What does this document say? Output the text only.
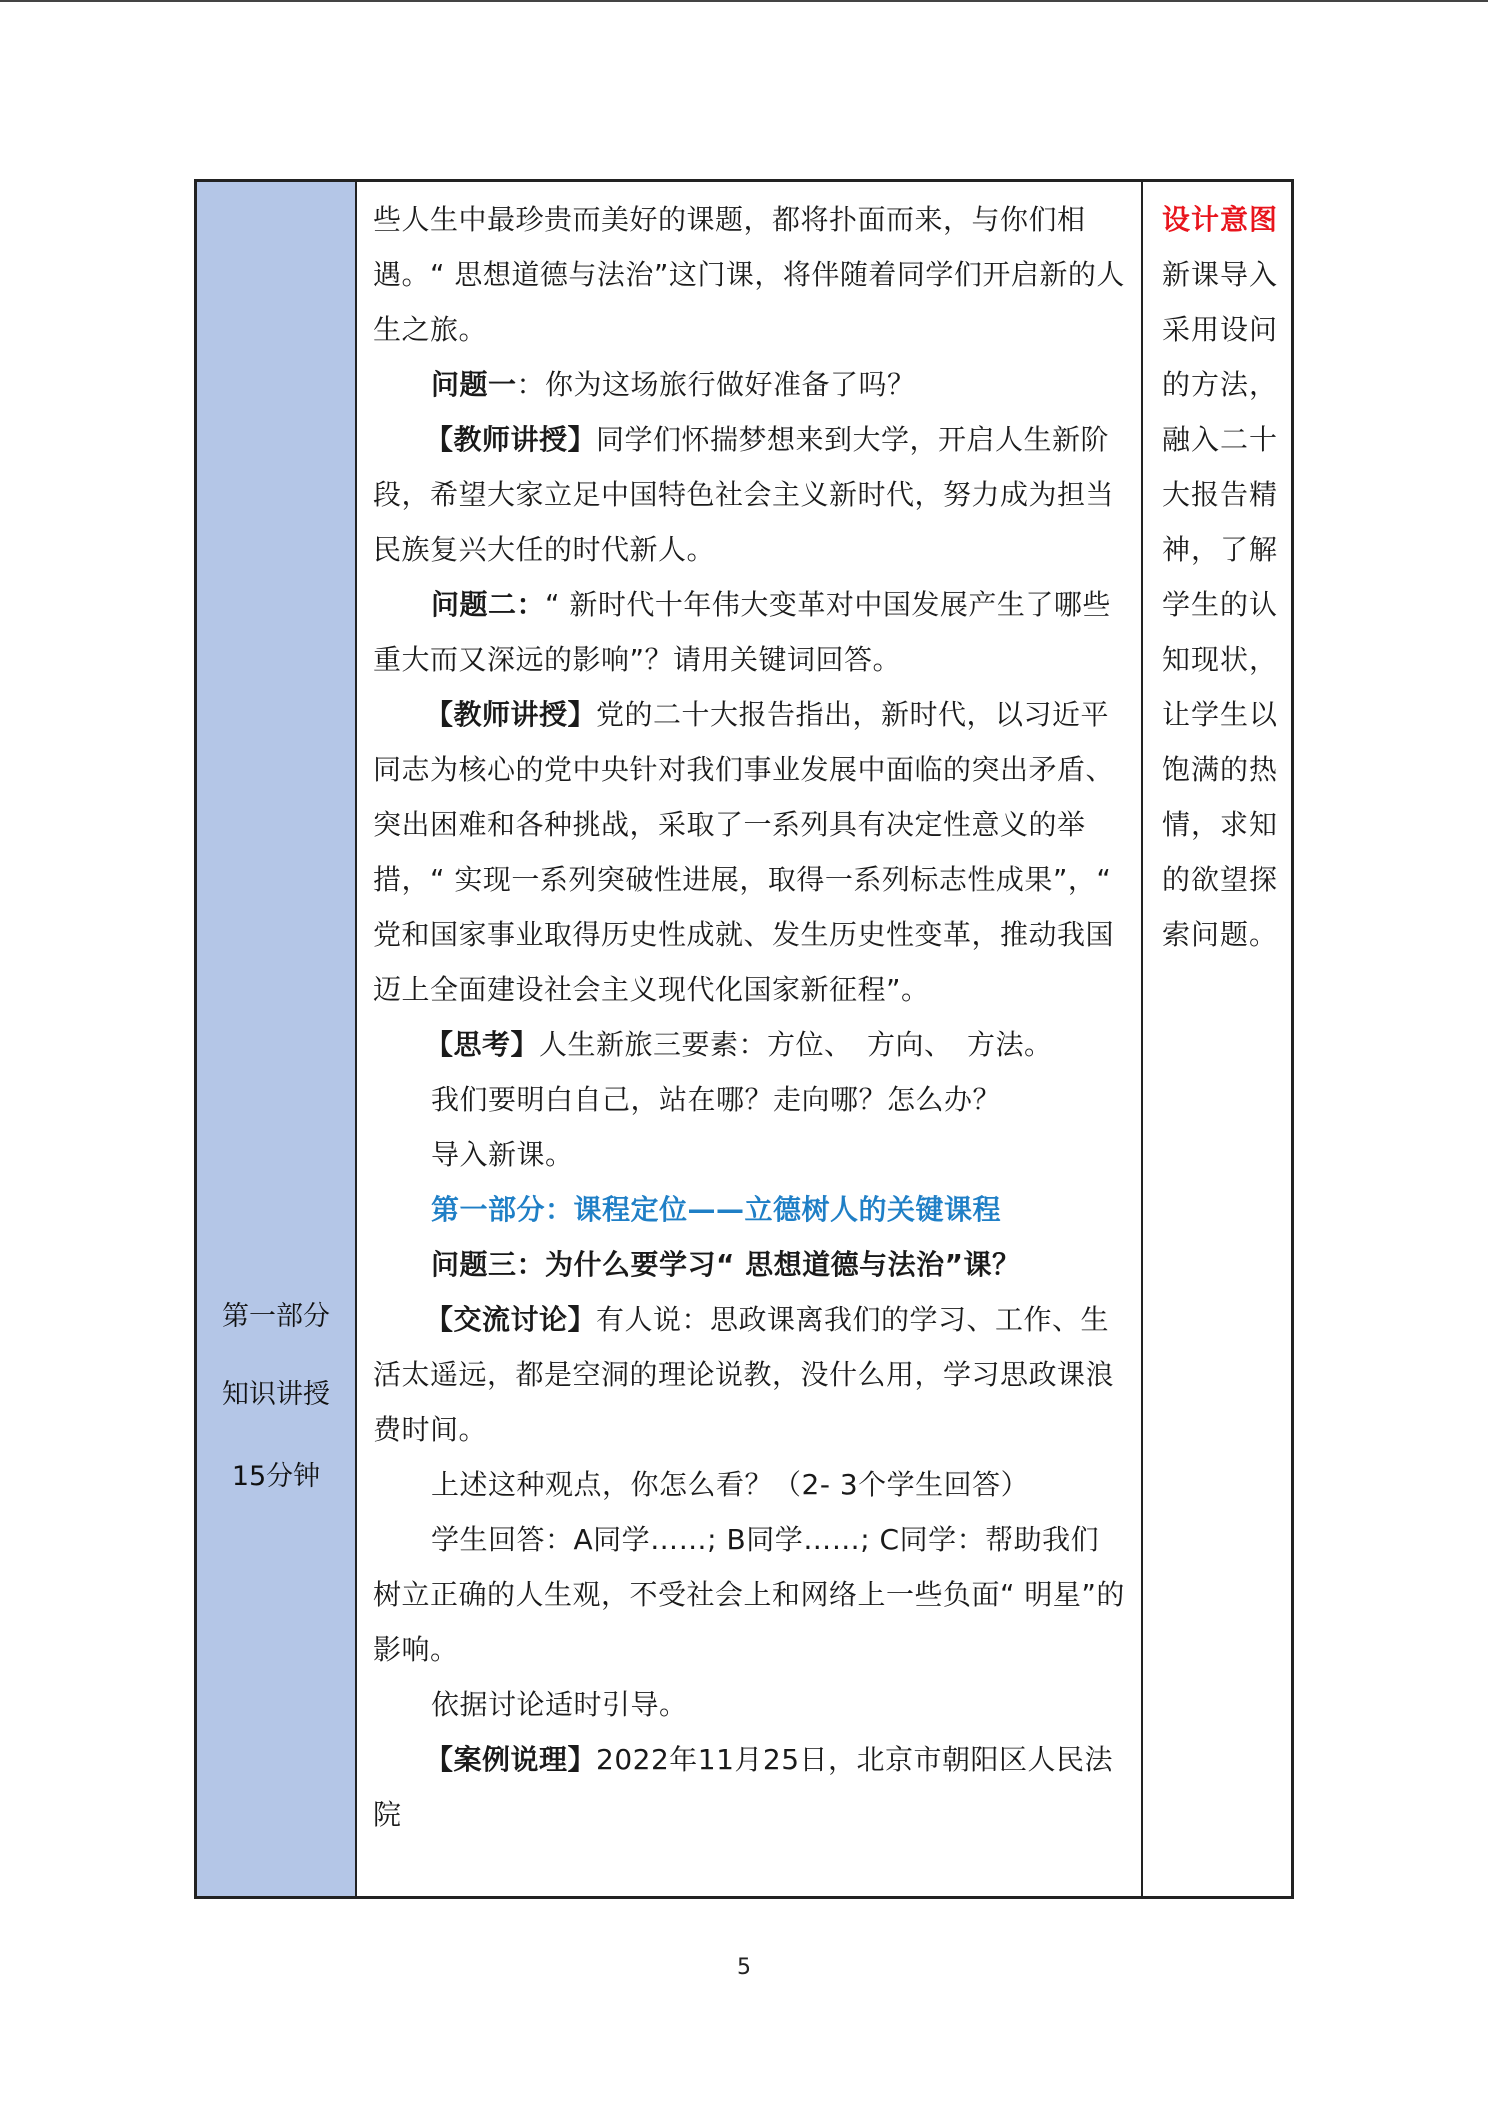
第一部分
知识讲授
15分钟

些人生中最珍贵而美好的课题，都将扑面而来，与你们相遇。“ 思想道德与法治”这门课，将伴随着同学们开启新的人生之旅。

问题一：你为这场旅行做好准备了吗？

【教师讲授】同学们怀揣梦想来到大学，开启人生新阶段，希望大家立足中国特色社会主义新时代，努力成为担当民族复兴大任的时代新人。

问题二：“ 新时代十年伟大变革对中国发展产生了哪些重大而又深远的影响”？请用关键词回答。

【教师讲授】党的二十大报告指出，新时代，以习近平同志为核心的党中央针对我们事业发展中面临的突出矛盾、突出困难和各种挑战，采取了一系列具有决定性意义的举措，“ 实现一系列突破性进展，取得一系列标志性成果”，“ 党和国家事业取得历史性成就、发生历史性变革，推动我国迈上全面建设社会主义现代化国家新征程”。

【思考】人生新旅三要素：方位、　方向、　方法。

我们要明白自己，站在哪？走向哪？怎么办？

导入新课。

第一部分：课程定位——立德树人的关键课程

问题三：为什么要学习“ 思想道德与法治”课？

【交流讨论】有人说：思政课离我们的学习、工作、生活太遥远，都是空洞的理论说教，没什么用，学习思政课浪费时间。

上述这种观点，你怎么看？（2- 3个学生回答）

学生回答：A同学……; B同学……; C同学：帮助我们树立正确的人生观，不受社会上和网络上一些负面“ 明星”的影响。

依据讨论适时引导。

【案例说理】2022年11月25日，北京市朝阳区人民法院

设计意图
新课导入采用设问的方法，融入二十大报告精神，了解学生的认知现状，让学生以饱满的热情，求知的欲望探索问题。
5
